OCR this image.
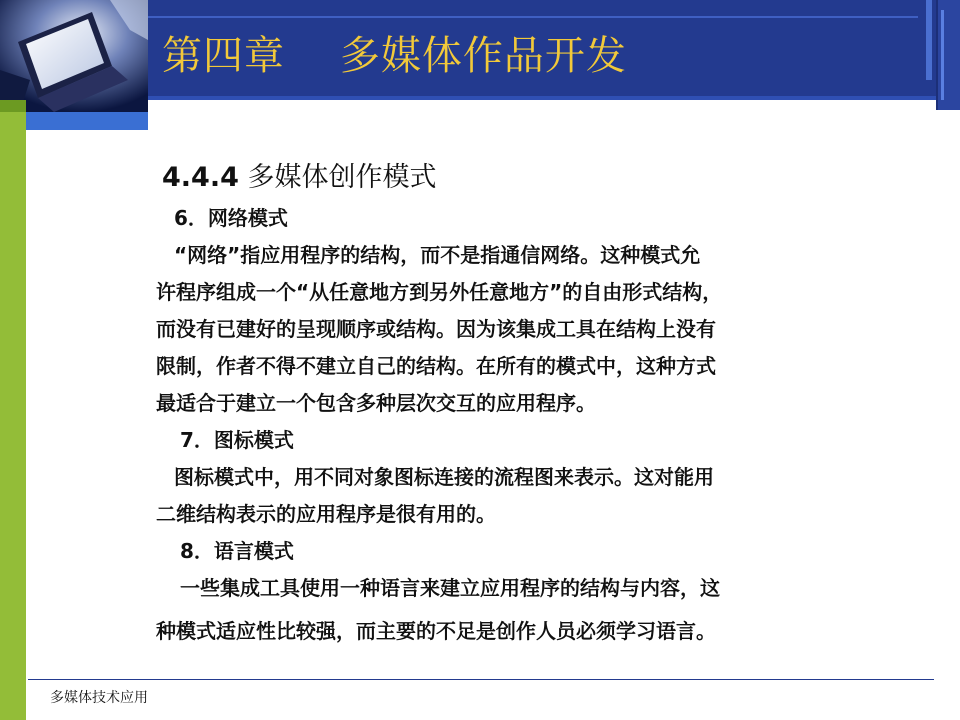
第四章    多媒体作品开发
4.4.4 多媒体创作模式
6．网络模式
“网络”指应用程序的结构，而不是指通信网络。这种模式允
许程序组成一个“从任意地方到另外任意地方”的自由形式结构，
而没有已建好的呈现顺序或结构。因为该集成工具在结构上没有
限制，作者不得不建立自己的结构。在所有的模式中，这种方式
最适合于建立一个包含多种层次交互的应用程序。
7．图标模式
图标模式中，用不同对象图标连接的流程图来表示。这对能用
二维结构表示的应用程序是很有用的。
8．语言模式
一些集成工具使用一种语言来建立应用程序的结构与内容，这
种模式适应性比较强，而主要的不足是创作人员必须学习语言。
多媒体技术应用
